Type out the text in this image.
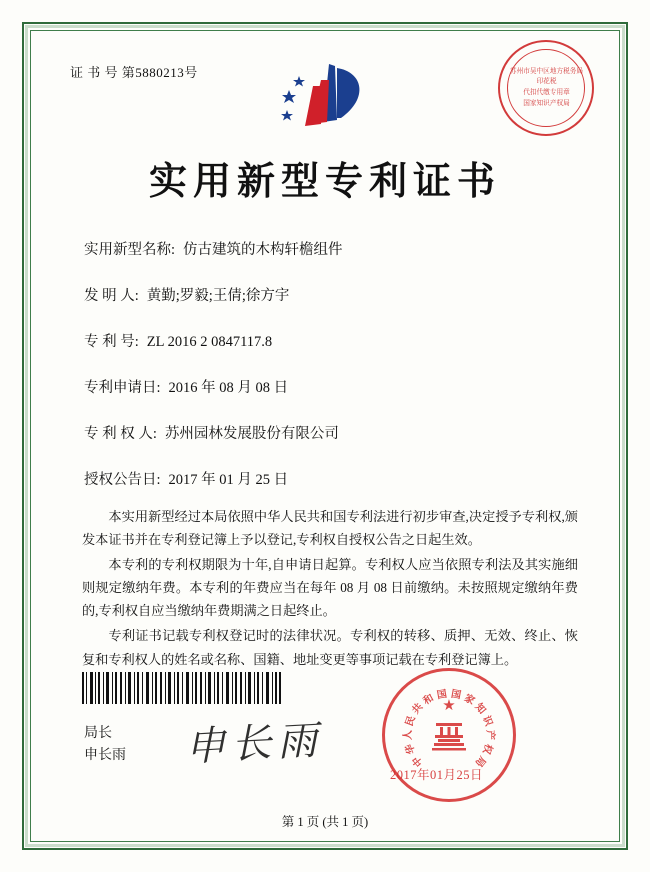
证 书 号 第5880213号	苏州市吴中区地方税务局
印花税
代扣代缴专用章
国家知识产权局
实用新型专利证书
实用新型名称: 仿古建筑的木构轩檐组件
发 明 人: 黄勤;罗毅;王倩;徐方宇
专 利 号: ZL 2016 2 0847117.8
专利申请日: 2016 年 08 月 08 日
专 利 权 人: 苏州园林发展股份有限公司
授权公告日: 2017 年 01 月 25 日

本实用新型经过本局依照中华人民共和国专利法进行初步审查,决定授予专利权,颁发本证书并在专利登记簿上予以登记,专利权自授权公告之日起生效。

本专利的专利权期限为十年,自申请日起算。专利权人应当依照专利法及其实施细则规定缴纳年费。本专利的年费应当在每年 08 月 08 日前缴纳。未按照规定缴纳年费的,专利权自应当缴纳年费期满之日起终止。

专利证书记载专利权登记时的法律状况。专利权的转移、质押、无效、终止、恢复和专利权人的姓名或名称、国籍、地址变更等事项记载在专利登记簿上。

局长
申长雨 申长雨	中
华
人
民
共
和 国 国 家
知
识
产
权
局
★
2017年01月25日
第 1 页 (共 1 页)
